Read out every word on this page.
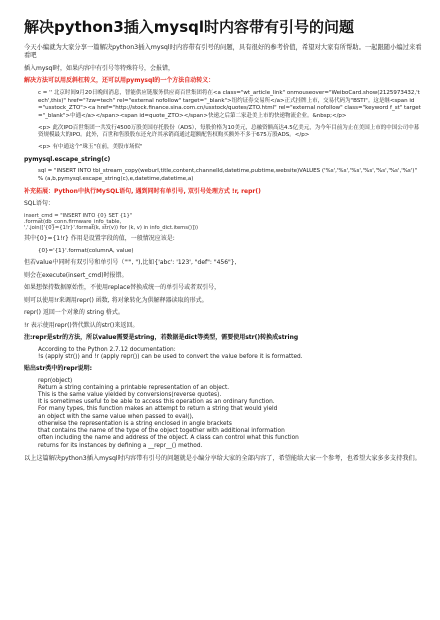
解决python3插入mysql时内容带有引号的问题

今天小编就为大家分享一篇解决python3插入mysql时内容带有引号的问题，具有很好的参考价值，希望对大家有所帮助。一起跟随小编过来看看吧

插入mysql时，如果内容中有引号等特殊符号，会报错，

解决方法可以用反斜杠转义，还可以用pymysql的一个方法自动转义：

c = '' 北京时间9月20日晚间消息，智能供应链服务供应商百世集团将在<a class="wt_article_link" onmouseover="WeiboCard.show(2125973432,'tech',this)" href="?zw=tech" rel="external nofollow" target="_blank">纽约证券交易所</a>正式挂牌上市，交易代码为"BSTI"。这是继<span id="usstock_ZTO"><a href="http://stock.finance.sina.com.cn/usstock/quotes/ZTO.html" rel="external nofollow" class="keyword f_st" target="_blank">中通</a></span><span id=quote_ZTO></span>快递之后第二家赴美上市的快递物流企业。&nbsp;</p>

<p> 此次IPO百世集团一共发行4500万股美国存托股份（ADS），每股价格为10美元，总融资额高达4.5亿美元，为今年目前为止在美国上市的中国公司中募资规模最大的IPO。此外，百世和售股股东还允许其承销商通过超额配售权购买额外不多于675万股ADS。</p>

<p> 有中通这个"珠玉"在前，美股市场似"

pymysql.escape_string(c)

sql = "INSERT INTO tbl_stream_copy(weburl,title,content,channelId,datetime,pubtime,website)VALUES ('%s','%s','%s','%s','%s','%s','%s')" % (a,b,pymysql.escape_string(c),e,datetime,datetime,a)

补充拓展：Python中执行MySQL语句, 遇到同时有单引号, 双引号处理方式 !r, repr()

SQL语句：

insert_cmd = "INSERT INTO {0} SET {1}"
.format(db_conn.firmware_info_table,
','.join(['{0}={1!r}'.format(k, str(v)) for (k, v) in info_dict.items()]))

其中{0}={1!r} 作用是设置字段的值，一般情况应该是:

{0}='{1}'.format(columnA, value)

但若value中同时有双引号和单引号（"'", "),比如{'abc': '123', "def": "456"},

则会在execute(insert_cmd)时报错。

如果想保持数据原始性，不使用replace替换成统一的单引号或者双引号，

则可以使用!r来调用repr() 函数, 将对象转化为供解释器读取的形式。

repr() 返回一个对象的 string 格式。

!r 表示使用repr()替代默认的str()来返回。

注:repr是str的方法，所以value需要是string，若数据是dict等类型，需要使用str()转换成string

According to the Python 2.7.12 documentation:
!s (apply str()) and !r (apply repr()) can be used to convert the value before it is formatted.

贴出str类中的repr说明:

repr(object)
Return a string containing a printable representation of an object.
This is the same value yielded by conversions(reverse quotes).
It is sometimes useful to be able to access this operation as an ordinary function.
For many types, this function makes an attempt to return a string that would yield
an object with the same value when passed to eval(),
otherwise the representation is a string enclosed in angle brackets
that contains the name of the type of the object together with additional information
often including the name and address of the object. A class can control what this function
returns for its instances by defining a __repr__() method.

以上这篇解决python3插入mysql时内容带有引号的问题就是小编分享给大家的全部内容了，希望能给大家一个参考，也希望大家多多支持我们。
